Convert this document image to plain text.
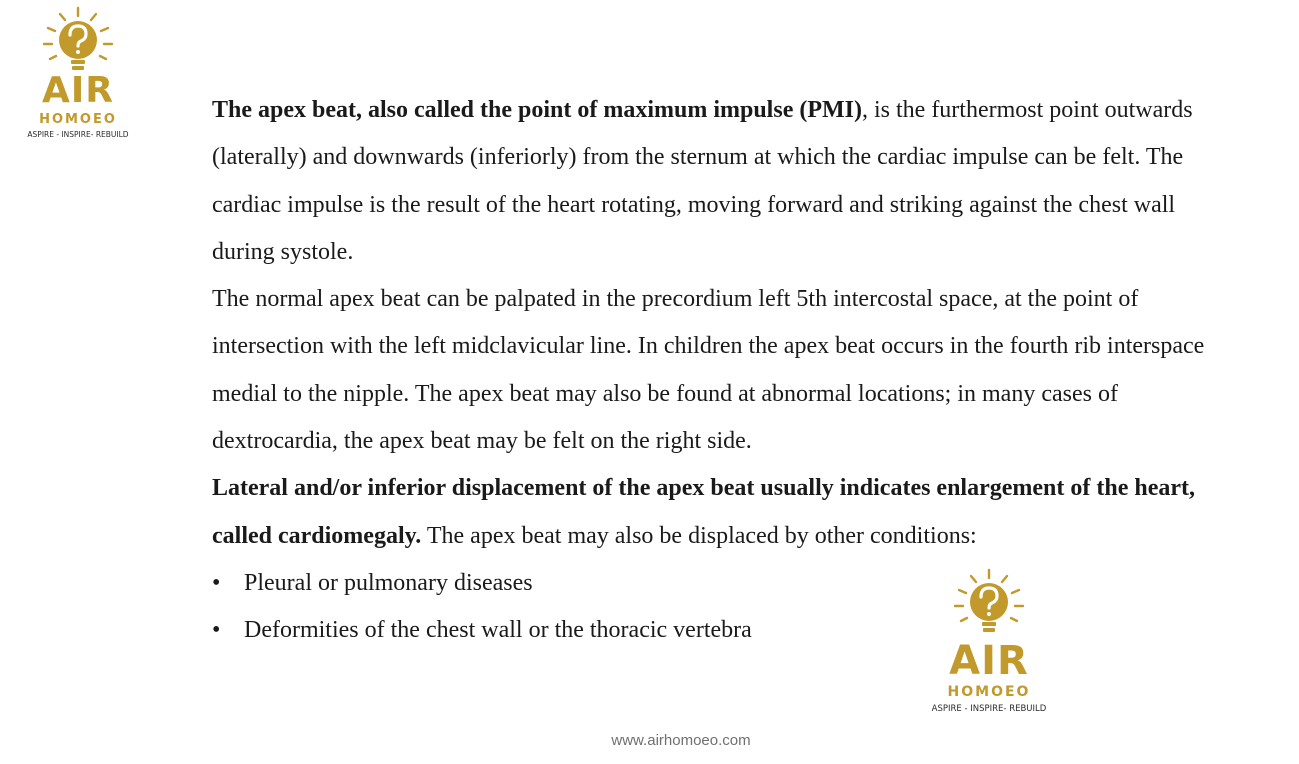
AIR
HOMOEO
ASPIRE - INSPIRE- REBUILD

The apex beat, also called the point of maximum impulse (PMI), is the furthermost point outwards (laterally) and downwards (inferiorly) from the sternum at which the cardiac impulse can be felt. The cardiac impulse is the result of the heart rotating, moving forward and striking against the chest wall during systole.

The normal apex beat can be palpated in the precordium left 5th intercostal space, at the point of intersection with the left midclavicular line. In children the apex beat occurs in the fourth rib interspace medial to the nipple. The apex beat may also be found at abnormal locations; in many cases of dextrocardia, the apex beat may be felt on the right side.

Lateral and/or inferior displacement of the apex beat usually indicates enlargement of the heart, called cardiomegaly. The apex beat may also be displaced by other conditions:

• Pleural or pulmonary diseases
• Deformities of the chest wall or the thoracic vertebra
AIR
HOMOEO
ASPIRE - INSPIRE- REBUILD
www.airhomoeo.com
